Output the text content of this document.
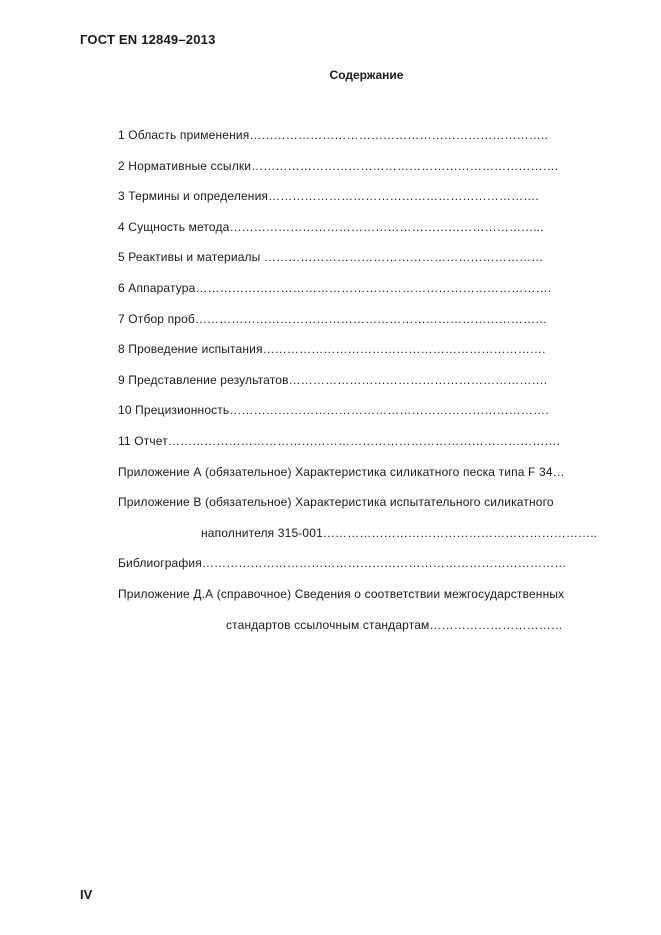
ГОСТ EN 12849–2013
Содержание
1 Область применения………………………………………………………………..
2 Нормативные ссылки………………………………………………………………….
3 Термины и определения………………………………………………………….
4 Сущность метода…………………………………………………………………...
5 Реактивы и материалы ……………………………………………………………
6 Аппаратура…………………………………………………………………………….
7 Отбор проб……………………………………………………………………………
8 Проведение испытания…………………………………………………………….
9 Представление результатов……………………………………………………….
10 Прецизионность…………………………………………………………………….
11 Отчет…………………………………………………………………………………….
Приложение А (обязательное) Характеристика силикатного песка типа F 34…
Приложение В (обязательное) Характеристика испытательного силикатного
наполнителя 315-001…………………………………………………………..
Библиография………………………………………………………………………………
Приложение Д.А (справочное) Сведения о соответствии межгосударственных
стандартов ссылочным стандартам……………………………
IV
